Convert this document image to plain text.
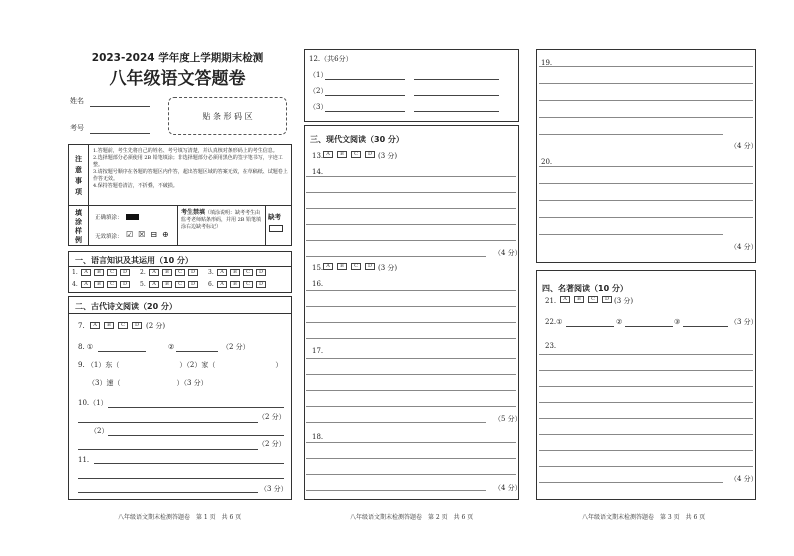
2023-2024 学年度上学期期末检测
八年级语文答题卷
姓名
考号
贴 条 形 码 区
注
意
事
项
1.答题前，考生先将自己的姓名、考号填写清楚，并认真核对条形码上的考生信息。
2.选择题部分必须使用 2B 铅笔填涂；非选择题部分必须用黑色的签字笔书写，字迹工整。
3.请按题号顺序在各题的答题区内作答，超出答题区域的答案无效，在草稿纸、试题卷上作答无效。
4.保持答题卷清洁，不折叠，不破损。
填
涂
样
例
正确填涂：
无效填涂： ☑ ☒ ⊟ ⊕
考生禁填（填涂说明：缺考考生由监考老师贴条形码，并用 2B 铅笔填涂右边缺考标记）
缺考
一、语言知识及其运用（10 分）
1.	A	B	C	D	2.	A	B	C	D	3.	A	B	C	D
4.	A	B	C	D	5.	A	B	C	D	6.	A	B	C	D
二、古代诗文阅读（20 分）
7.	A	B	C	D	(2 分)
8. ①	②	（2 分）
9. （1）东（	）（2）家（	）
（3）速（	）（3 分）
10.（1）
（2 分）
（2）
（2 分）
11.
（3 分）
八年级语文期末检测答题卷　第 1 页　共 6 页
12.（共6分）
（1）
（2）
（3）
三、现代文阅读（30 分）
13. A	B	C	D (3 分)
14.
（4 分）
15. A	B	C	D (3 分)
16.
17.
（5 分）
18.
（4 分）
八年级语文期末检测答题卷　第 2 页　共 6 页
19.
（4 分）
20.
（4 分）
四、名著阅读（10 分）
21.	A	B	C	D (3 分)
22.①	②	③	（3 分）
23.
（4 分）
八年级语文期末检测答题卷　第 3 页　共 6 页
